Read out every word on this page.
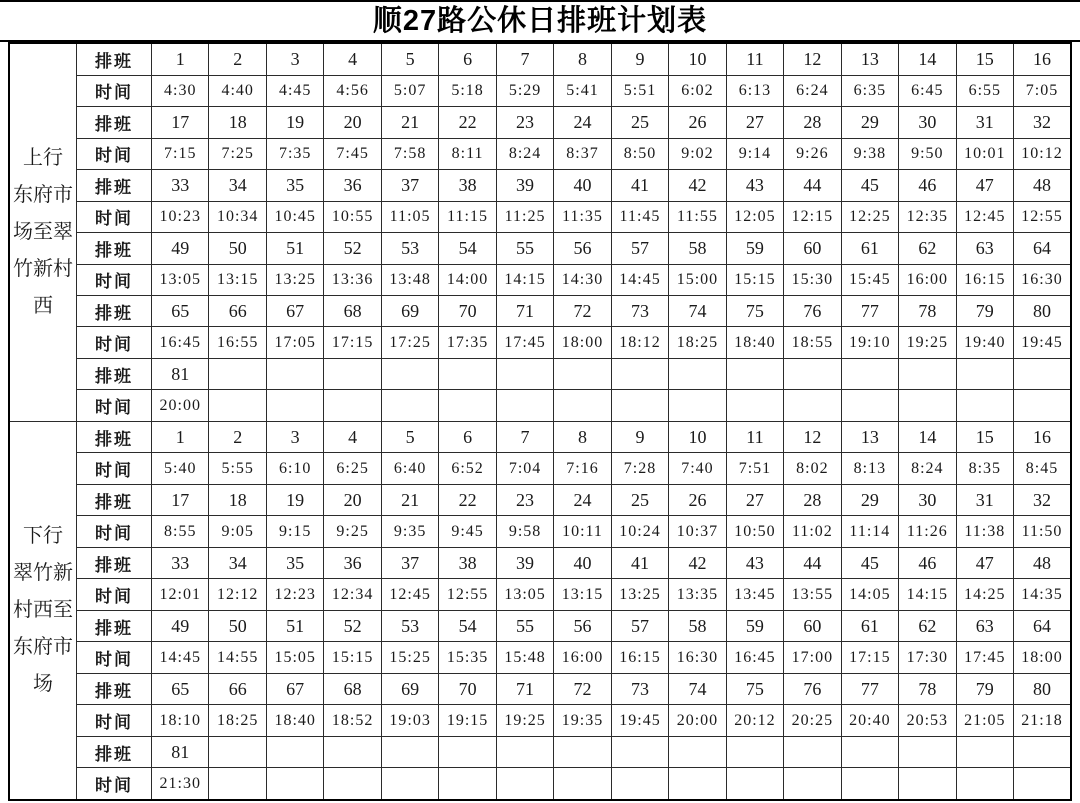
顺27路公休日排班计划表
上行
东府市
场至翠
竹新村
西	排班	1	2	3	4	5	6	7	8	9	10	11	12	13	14	15	16
	时间	4:30	4:40	4:45	4:56	5:07	5:18	5:29	5:41	5:51	6:02	6:13	6:24	6:35	6:45	6:55	7:05
	排班	17	18	19	20	21	22	23	24	25	26	27	28	29	30	31	32
	时间	7:15	7:25	7:35	7:45	7:58	8:11	8:24	8:37	8:50	9:02	9:14	9:26	9:38	9:50	10:01	10:12
	排班	33	34	35	36	37	38	39	40	41	42	43	44	45	46	47	48
	时间	10:23	10:34	10:45	10:55	11:05	11:15	11:25	11:35	11:45	11:55	12:05	12:15	12:25	12:35	12:45	12:55
	排班	49	50	51	52	53	54	55	56	57	58	59	60	61	62	63	64
	时间	13:05	13:15	13:25	13:36	13:48	14:00	14:15	14:30	14:45	15:00	15:15	15:30	15:45	16:00	16:15	16:30
	排班	65	66	67	68	69	70	71	72	73	74	75	76	77	78	79	80
	时间	16:45	16:55	17:05	17:15	17:25	17:35	17:45	18:00	18:12	18:25	18:40	18:55	19:10	19:25	19:40	19:45
	排班	81															
	时间	20:00															

下行
翠竹新
村西至
东府市
场	排班	1	2	3	4	5	6	7	8	9	10	11	12	13	14	15	16
	时间	5:40	5:55	6:10	6:25	6:40	6:52	7:04	7:16	7:28	7:40	7:51	8:02	8:13	8:24	8:35	8:45
	排班	17	18	19	20	21	22	23	24	25	26	27	28	29	30	31	32
	时间	8:55	9:05	9:15	9:25	9:35	9:45	9:58	10:11	10:24	10:37	10:50	11:02	11:14	11:26	11:38	11:50
	排班	33	34	35	36	37	38	39	40	41	42	43	44	45	46	47	48
	时间	12:01	12:12	12:23	12:34	12:45	12:55	13:05	13:15	13:25	13:35	13:45	13:55	14:05	14:15	14:25	14:35
	排班	49	50	51	52	53	54	55	56	57	58	59	60	61	62	63	64
	时间	14:45	14:55	15:05	15:15	15:25	15:35	15:48	16:00	16:15	16:30	16:45	17:00	17:15	17:30	17:45	18:00
	排班	65	66	67	68	69	70	71	72	73	74	75	76	77	78	79	80
	时间	18:10	18:25	18:40	18:52	19:03	19:15	19:25	19:35	19:45	20:00	20:12	20:25	20:40	20:53	21:05	21:18
	排班	81															
	时间	21:30															
